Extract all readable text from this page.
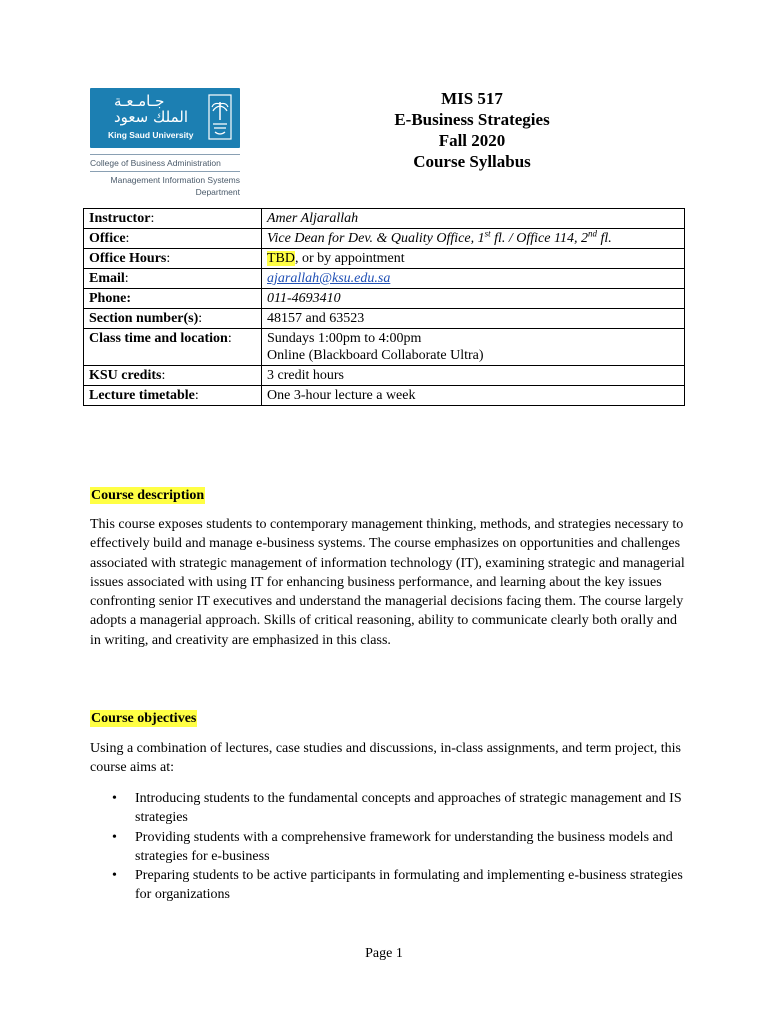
جـامـعـة
الملك سعود
King Saud University
College of Business Administration
Management Information Systems
Department
MIS 517
E-Business Strategies
Fall 2020
Course Syllabus
Instructor:	Amer Aljarallah
Office:	Vice Dean for Dev. & Quality Office, 1st fl. / Office 114, 2nd fl.
Office Hours:	TBD, or by appointment
Email:	ajarallah@ksu.edu.sa
Phone:	011-4693410
Section number(s):	48157 and 63523
Class time and location:	Sundays 1:00pm to 4:00pm
Online (Blackboard Collaborate Ultra)

KSU credits:	3 credit hours
Lecture timetable:	One 3-hour lecture a week
Course description
This course exposes students to contemporary management thinking, methods, and strategies necessary to effectively build and manage e-business systems. The course emphasizes on opportunities and challenges associated with strategic management of information technology (IT), examining strategic and managerial issues associated with using IT for enhancing business performance, and learning about the key issues confronting senior IT executives and understand the managerial decisions facing them. The course largely adopts a managerial approach. Skills of critical reasoning, ability to communicate clearly both orally and in writing, and creativity are emphasized in this class.
Course objectives
Using a combination of lectures, case studies and discussions, in-class assignments, and term project, this course aims at:
• Introducing students to the fundamental concepts and approaches of strategic management and IS strategies
• Providing students with a comprehensive framework for understanding the business models and strategies for e-business
• Preparing students to be active participants in formulating and implementing e-business strategies for organizations
Page 1
